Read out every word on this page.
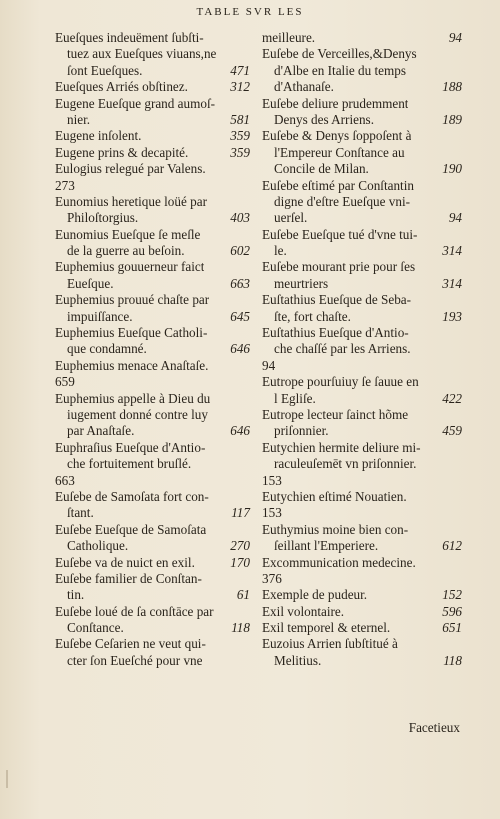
TABLE SVR LES
Eueſques indeuëment ſubſti-
tuez aux Eueſques viuans,ne
ſont Eueſques.	471
Eueſques Arriés obſtinez.	312
Eugene Eueſque grand aumoſ-
nier.	581
Eugene inſolent.	359
Eugene prins & decapité.	359
Eulogius relegué par Valens.
273
Eunomius heretique loüé par
Philoſtorgius.	403
Eunomius Eueſque ſe meſle
de la guerre au beſoin.	602
Euphemius gouuerneur faict
Eueſque.	663
Euphemius prouué chaſte par
impuiſſance.	645
Euphemius Eueſque Catholi-
que condamné.	646
Euphemius menace Anaſtaſe.
659
Euphemius appelle à Dieu du
iugement donné contre luy
par Anaſtaſe.	646
Euphraſius Eueſque d'Antio-
che fortuitement bruſlé.
663
Euſebe de Samoſata fort con-
ſtant.	117
Euſebe Eueſque de Samoſata
Catholique.	270
Euſebe va de nuict en exil.	170
Euſebe familier de Conſtan-
tin.	61
Euſebe loué de ſa conſtāce par
Conſtance.	118
Euſebe Ceſarien ne veut qui-
cter ſon Eueſché pour vne
meilleure.	94
Euſebe de Verceilles,&Denys
d'Albe en Italie du temps
d'Athanaſe.	188
Euſebe deliure prudemment
Denys des Arriens.	189
Euſebe & Denys ſoppoſent à
l'Empereur Conſtance au
Concile de Milan.	190
Euſebe eſtimé par Conſtantin
digne d'eſtre Eueſque vni-
uerſel.	94
Euſebe Eueſque tué d'vne tui-
le.	314
Euſebe mourant prie pour ſes
meurtriers	314
Euſtathius Eueſque de Seba-
ſte, fort chaſte.	193
Euſtathius Eueſque d'Antio-
che chaſſé par les Arriens.
94
Eutrope pourſuiuy ſe ſauue en
l Egliſe.	422
Eutrope lecteur ſainct hõme
priſonnier.	459
Eutychien hermite deliure mi-
raculeuſemēt vn priſonnier.
153
Eutychien eſtimé Nouatien.
153
Euthymius moine bien con-
ſeillant l'Emperiere.	612
Excommunication medecine.
376
Exemple de pudeur.	152
Exil volontaire.	596
Exil temporel & eternel.	651
Euzoius Arrien ſubſtitué à
Melitius.	118
Facetieux
